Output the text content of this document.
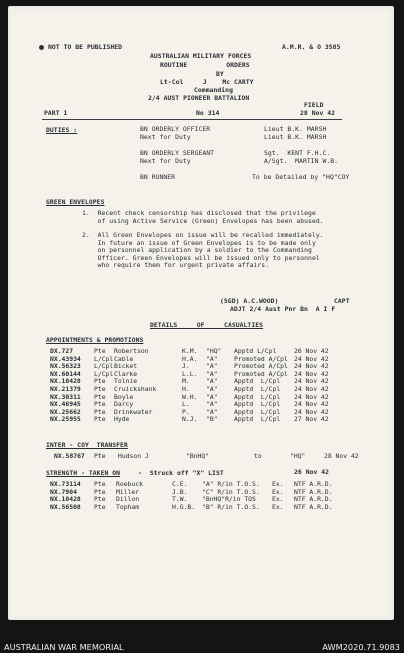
NOT TO BE PUBLISHED	A.M.R. & O 3585
AUSTRALIAN MILITARY FORCES
ROUTINE          ORDERS
BY
Lt-Col     J    Mc CARTY
Commanding
2/4 AUST PIONEER BATTALION
FIELD
PART 1	No 314	28 Nov 42
DUTIES :	BN ORDERLY OFFICER	Lieut B.K. MARSH
Next for Duty	Lieut B.K. MARSH
BN ORDERLY SERGEANT	Sgt.  KENT F.H.C.
Next for Duty	A/Sgt.  MARTIN W.B.
BN RUNNER	To be Detailed by "HQ"COY
GREEN ENVELOPES
1.  Recent check censorship has disclosed that the privilege
of using Active Service (Green) Envelopes has been abused.
2.  All Green Envelopes on issue will be recalled immediately.
In future an issue of Green Envelopes is to be made only
on personnel application by a soldier to the Commanding
Officer. Green Envelopes will be issued only to personnel
who require them for urgent private affairs.
(SGD) A.C.WOOD)	CAPT
ADJT 2/4 Aust Pnr Bn  A I F
DETAILS     OF     CASUALTIES
APPOINTMENTS & PROMOTIONS
DX.727	Pte Robertson	K.M. "HQ" Apptd L/Cpl	26 Nov 42
NX.43934 L/Cpl Cable	H.A. "A"	Promoted A/Cpl 24 Nov 42
NX.56323 L/Cpl Bicket	J.	"A"	Promoted A/Cpl 24 Nov 42
NX.60144 L/Cpl Clarke	L.L. "A"	Promoted A/Cpl 24 Nov 42
NX.10428 Pte Tolnie	M.	"A"	Apptd  L/Cpl 24 Nov 42
NX.21379 Pte Cruickshank	H.	"A"	Apptd  L/Cpl 24 Nov 42
NX.30311 Pte Boyle	W.H. "A"	Apptd  L/Cpl 24 Nov 42
NX.46945 Pte Darcy	L.	"A"	Apptd  L/Cpl 24 Nov 42
NX.25662 Pte Drinkwater	P.	"A"	Apptd  L/Cpl 24 Nov 42
NX.25955 Pte Hyde	N.J. "B"	Apptd  L/Cpl 27 Nov 42
INTER - COY  TRANSFER
NX.58767 Pte Hudson J	"BnHQ"	to	"HQ"	28 Nov 42
STRENGTH - TAKEN ON	-  Struck off "X" LIST	26 Nov 42
NX.73114 Pte Roebuck	C.E. "A" R/in T.O.S. Ex. NTF A.R.D.
NX.7904	Pte Miller	J.B. "C" R/in T.O.S. Ex. NTF A.R.D.
NX.10428 Pte Dillon	T.W. "BnHQ"R/in TOS	Ex. NTF A.R.D.
NX.56508 Pte Topham	H.G.B. "B" R/in T.O.S. Ex. NTF A.R.D.
AUSTRALIAN WAR MEMORIAL	AWM2020.71.9083
